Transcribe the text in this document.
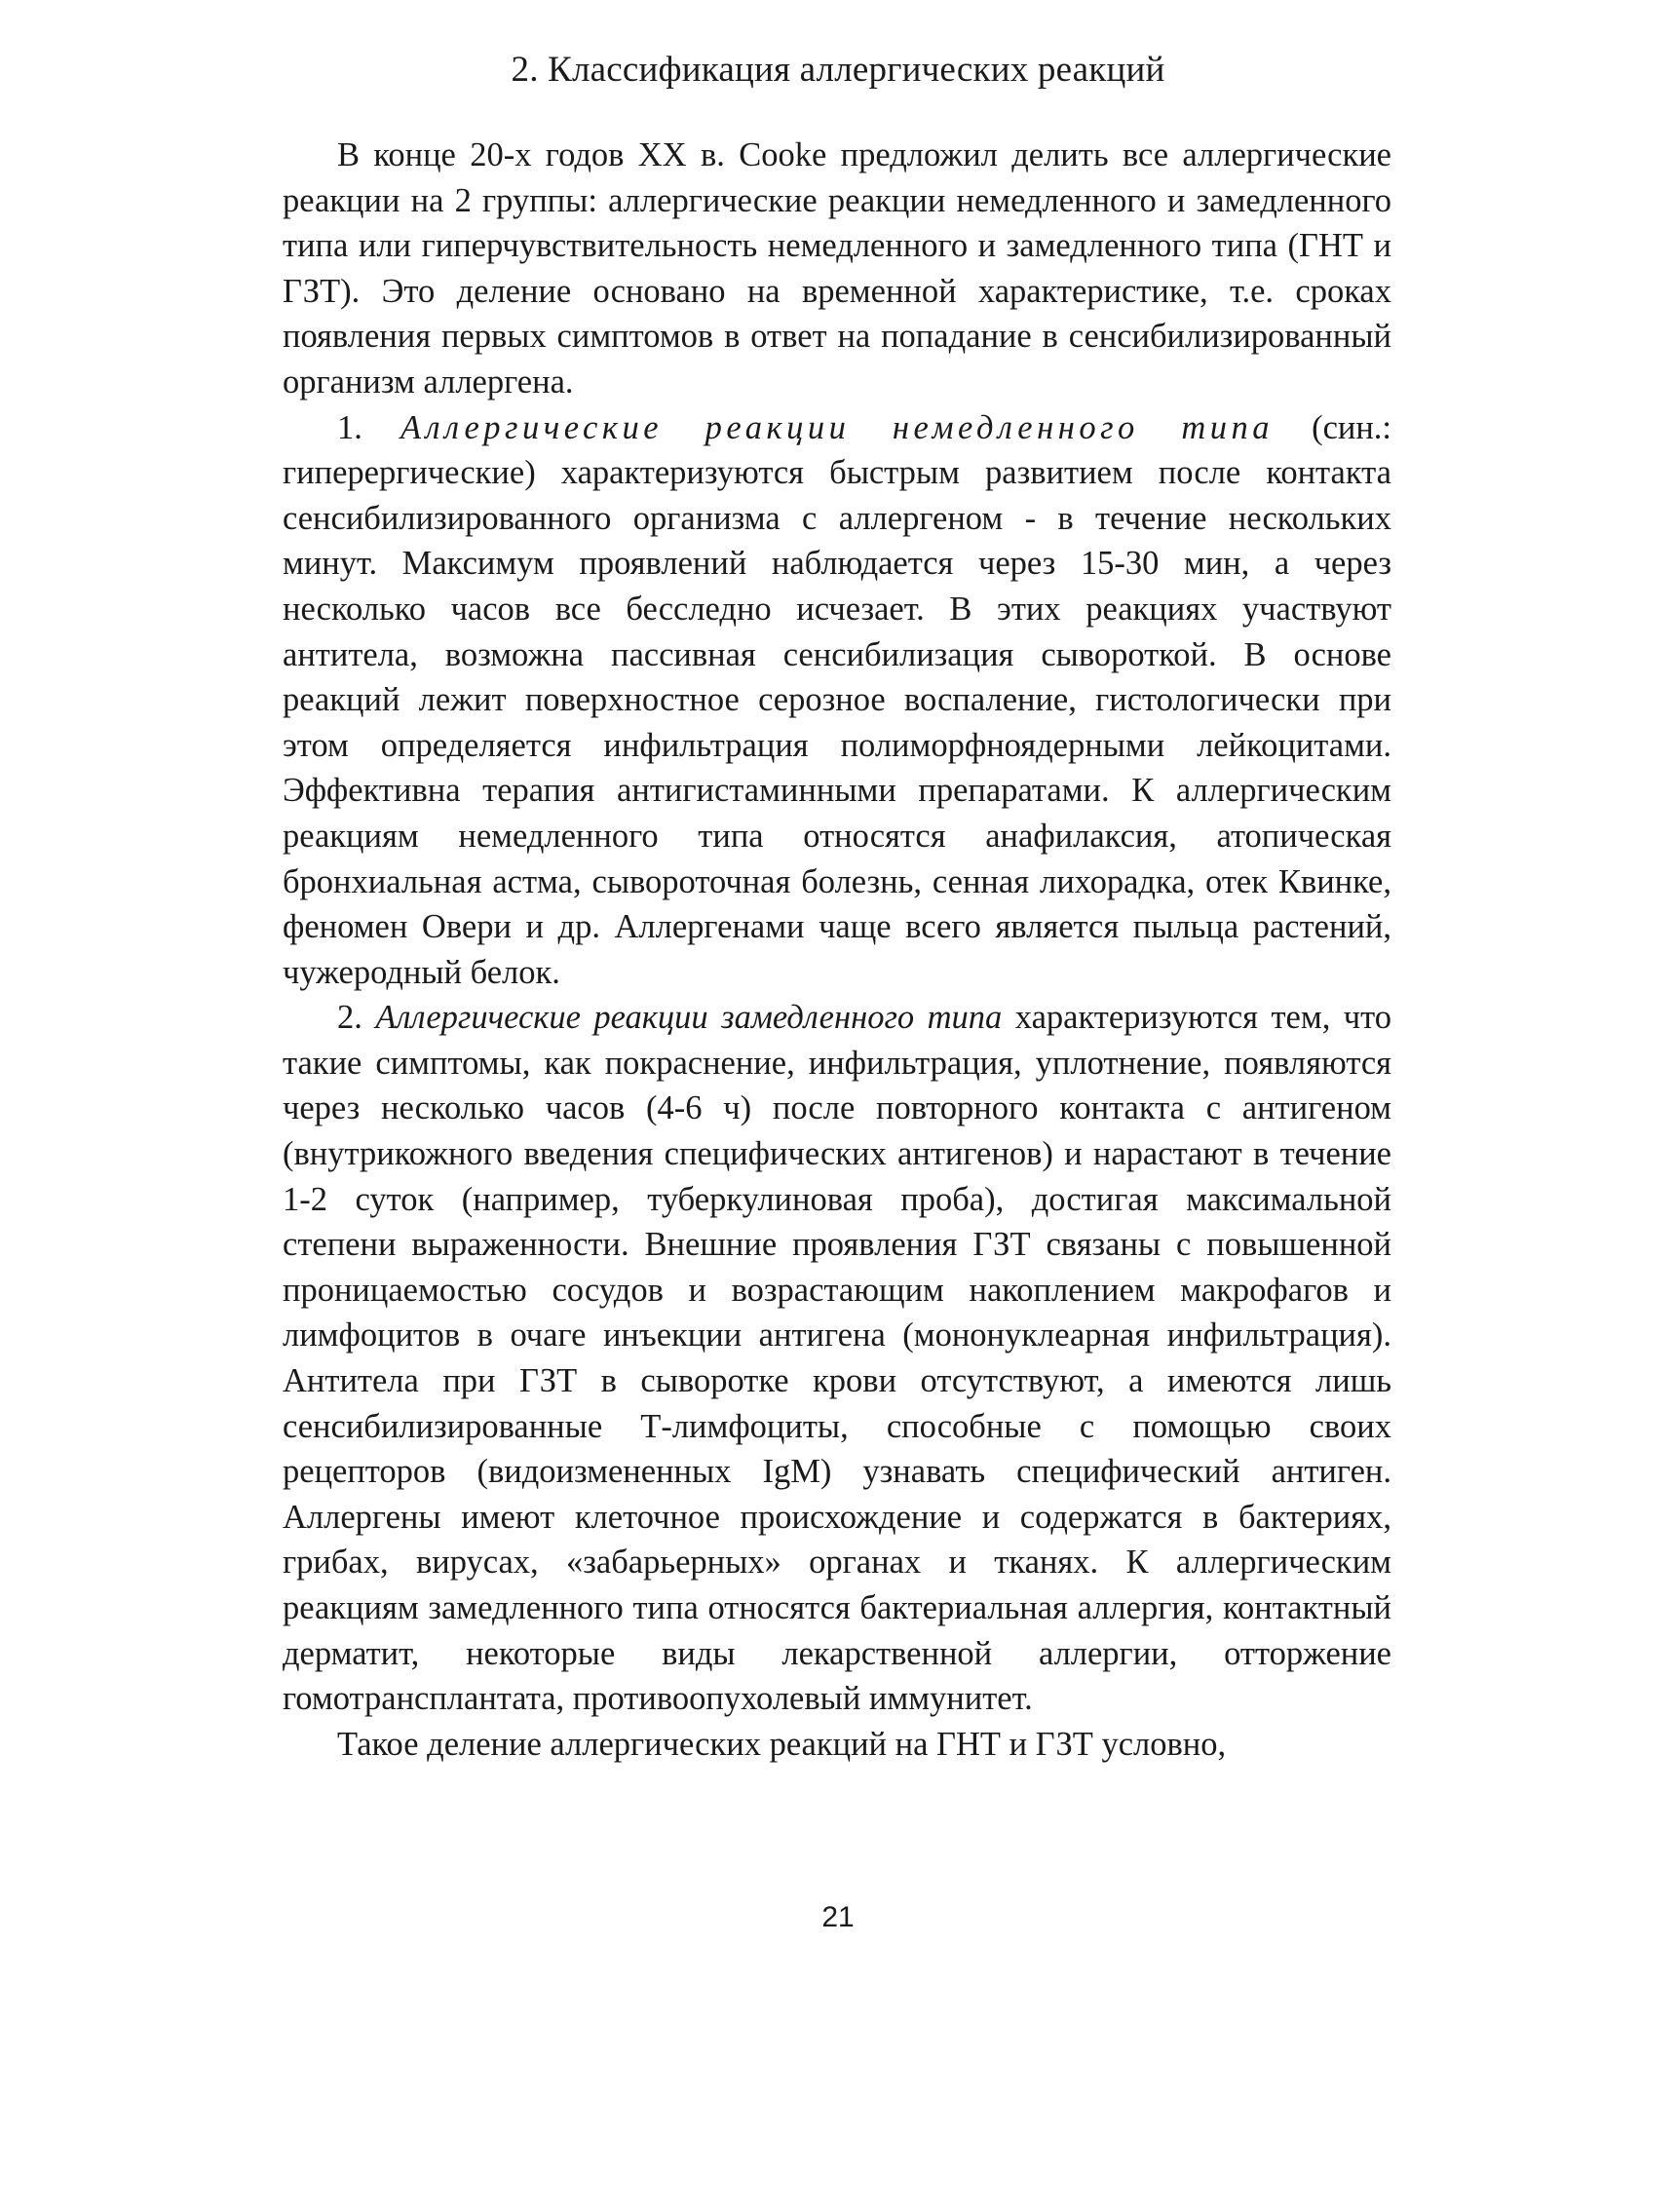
2. Классификация аллергических реакций

В конце 20-х годов XX в. Cooke предложил делить все аллергические реакции на 2 группы: аллергические реакции немедленного и замедленного типа или гиперчувствительность немедленного и замедленного типа (ГНТ и ГЗТ). Это деление основано на временной характеристике, т.е. сроках появления первых симптомов в ответ на попадание в сенсибилизированный организм аллергена.

1. Аллергические реакции немедленного типа (син.: гиперергические) характеризуются быстрым развитием после контакта сенсибилизированного организма с аллергеном - в течение нескольких минут. Максимум проявлений наблюдается через 15-30 мин, а через несколько часов все бесследно исчезает. В этих реакциях участвуют антитела, возможна пассивная сенсибилизация сывороткой. В основе реакций лежит поверхностное серозное воспаление, гистологически при этом определяется инфильтрация полиморфноядерными лейкоцитами. Эффективна терапия антигистаминными препаратами. К аллергическим реакциям немедленного типа относятся анафилаксия, атопическая бронхиальная астма, сывороточная болезнь, сенная лихорадка, отек Квинке, феномен Овери и др. Аллергенами чаще всего является пыльца растений, чужеродный белок.

2. Аллергические реакции замедленного типа характеризуются тем, что такие симптомы, как покраснение, инфильтрация, уплотнение, появляются через несколько часов (4-6 ч) после повторного контакта с антигеном (внутрикожного введения специфических антигенов) и нарастают в течение 1-2 суток (например, туберкулиновая проба), достигая максимальной степени выраженности. Внешние проявления ГЗТ связаны с повышенной проницаемостью сосудов и возрастающим накоплением макрофагов и лимфоцитов в очаге инъекции антигена (мононуклеарная инфильтрация). Антитела при ГЗТ в сыворотке крови отсутствуют, а имеются лишь сенсибилизированные Т-лимфоциты, способные с помощью своих рецепторов (видоизмененных IgM) узнавать специфический антиген. Аллергены имеют клеточное происхождение и содержатся в бактериях, грибах, вирусах, «забарьерных» органах и тканях. К аллергическим реакциям замедленного типа относятся бактериальная аллергия, контактный дерматит, некоторые виды лекарственной аллергии, отторжение гомотрансплантата, противоопухолевый иммунитет.

Такое деление аллергических реакций на ГНТ и ГЗТ условно,

21
